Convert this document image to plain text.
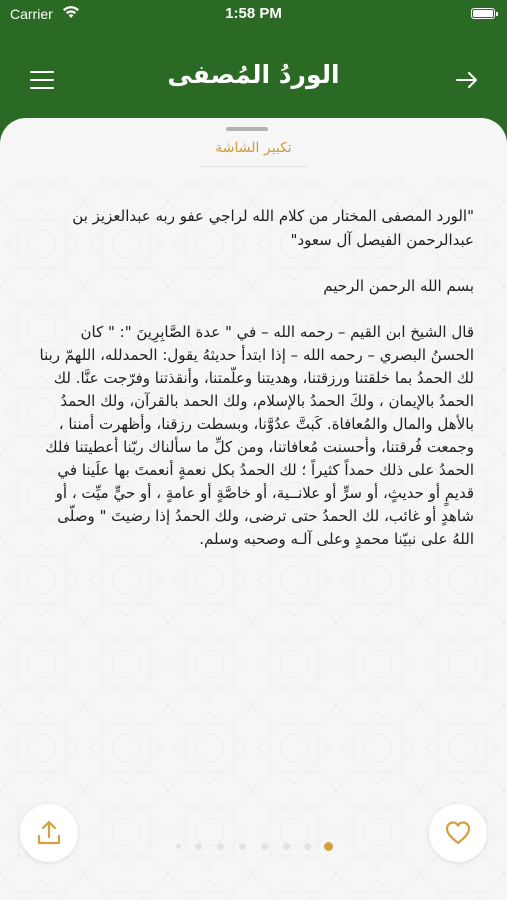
Carrier	1:58 PM
الوردُ المُصفى
تكبير الشاشة

"الورد المصفى المختار من كلام الله لراجي عفو ربه عبدالعزيز بن عبدالرحمن الفيصل آل سعود"

بسم الله الرحمن الرحيم

قال الشيخ ابن القيم – رحمه الله – في " عدة الصَّابِرِينَ ": " كان الحسنُ البصري – رحمه الله – إذا ابتدأ حديثهُ يقول: الحمدلله، اللهمّ ربنا لك الحمدُ بما خلقتنا ورزقتنا، وهديتنا وعلّمتنا، وأنقذتنا وفرّجت عنَّا. لك الحمدُ بالإيمان ، ولكَ الحمدُ بالإسلام، ولك الحمد بالقرآن، ولك الحمدُ بالأهل والمال والمُعافاة. كَبتَّ عدُوَّنا، وبسطت رزقنا، وأظهرت أمننا ، وجمعت فُرقتنا، وأحسنت مُعافاتنا، ومن كلِّ ما سألناك ربّنا أعطيتنا فلك الحمدُ على ذلك حمداً كثيراً ؛ لك الحمدُ بكل نعمةٍ أنعمتَ بها علَينا في قديمٍ أو حديثٍ، أو سرٍّ أو علانــية، أو خاصَّةٍ أو عامةٍ ، أو حيٍّ ميِّت ، أو شاهدٍ أو غائب، لك الحمدُ حتى ترضى، ولك الحمدُ إذا رضيتَ " وصلّى اللهُ على نبيّنا محمدٍ وعلى آلـه وصحبه وسلم.
